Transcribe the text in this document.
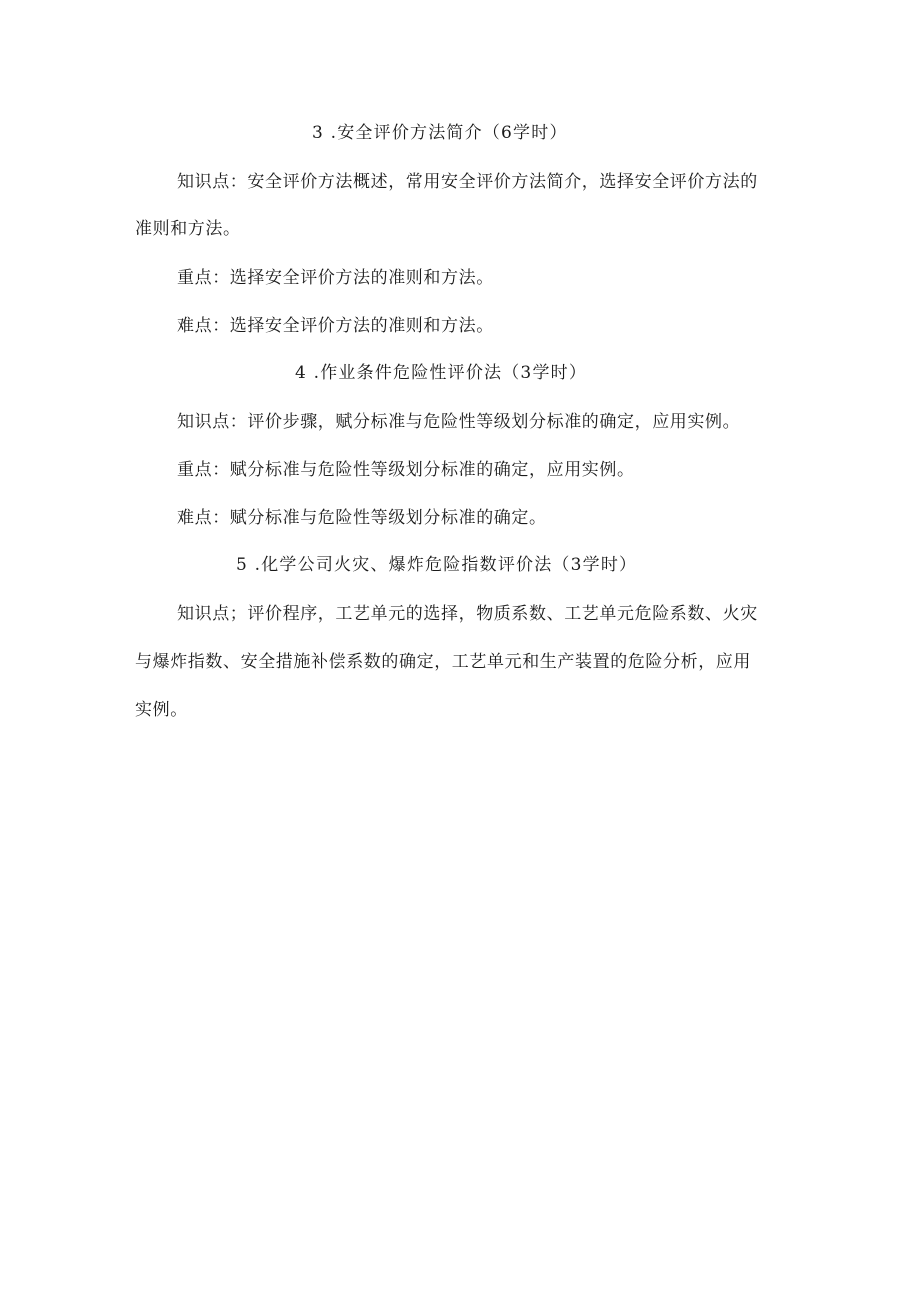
3 .安全评价方法简介（6学时）
知识点：安全评价方法概述，常用安全评价方法简介，选择安全评价方法的
准则和方法。
重点：选择安全评价方法的准则和方法。
难点：选择安全评价方法的准则和方法。
4 .作业条件危险性评价法（3学时）
知识点：评价步骤，赋分标准与危险性等级划分标准的确定，应用实例。
重点：赋分标准与危险性等级划分标准的确定，应用实例。
难点：赋分标准与危险性等级划分标准的确定。
5 .化学公司火灾、爆炸危险指数评价法（3学时）
知识点；评价程序，工艺单元的选择，物质系数、工艺单元危险系数、火灾
与爆炸指数、安全措施补偿系数的确定，工艺单元和生产装置的危险分析，应用
实例。
